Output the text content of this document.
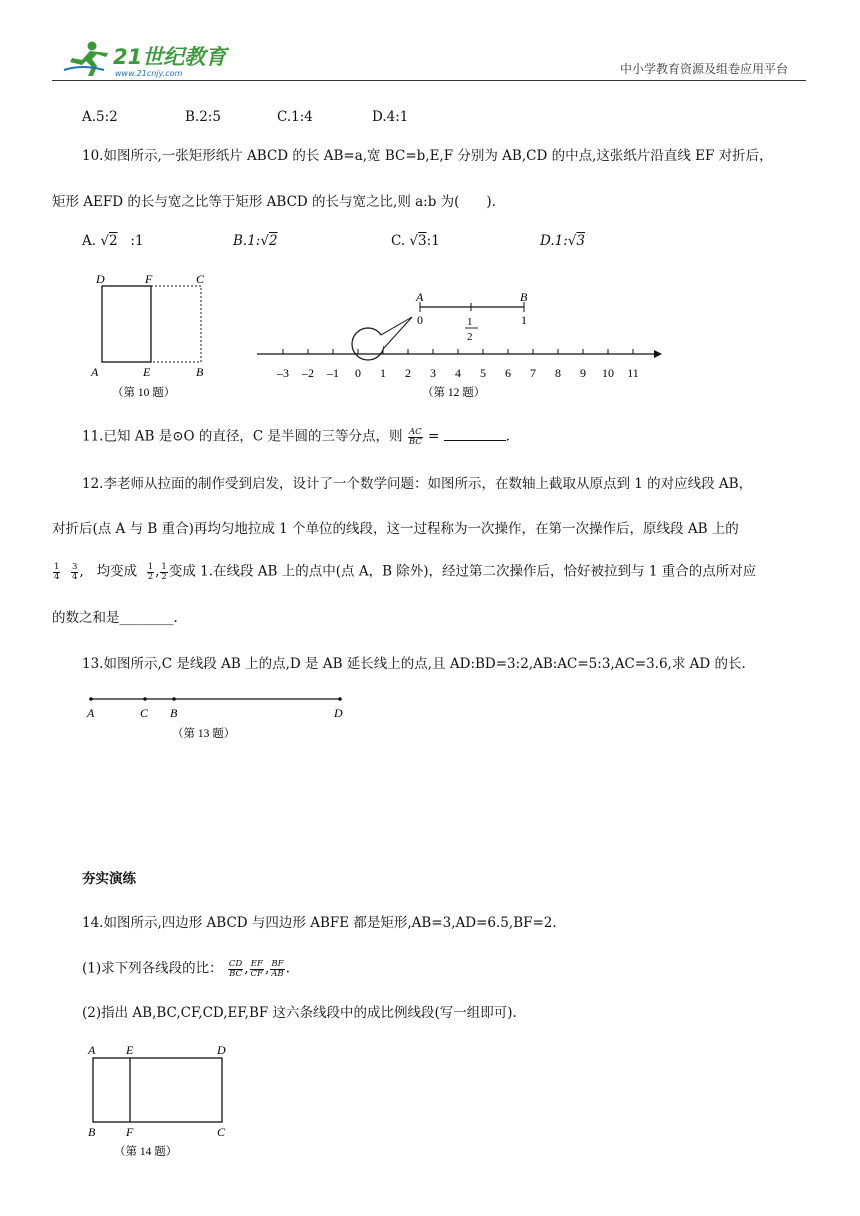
21世纪教育
www.21cnjy.com	中小学教育资源及组卷应用平台
A.5:2	B.2:5	C.1:4	D.4:1
10.如图所示,一张矩形纸片 ABCD 的长 AB=a,宽 BC=b,E,F 分别为 AB,CD 的中点,这张纸片沿直线 EF 对折后，
矩形 AEFD 的长与宽之比等于矩形 ABCD 的长与宽之比,则 a:b 为(　　).
A. √2 :1	B.1:√2	C. √3:1	D.1:√3
D	F	C
A	E	B
（第 10 题）
A	B
0	1
2
1
–3 –2 –1 0 1 2 3 4 5 6 7 8 9 10 11
（第 12 题）
11.已知 AB 是⊙O 的直径，C 是半圆的三等分点，则 $\frac{AC}{BC}$ =	.
12.李老师从拉面的制作受到启发，设计了一个数学问题：如图所示，在数轴上截取从原点到 1 的对应线段 AB，
对折后(点 A 与 B 重合)再均匀地拉成 1 个单位的线段，这一过程称为一次操作，在第一次操作后，原线段 AB 上的
$\frac{1}{4}$
$\frac{3}{4}$ ,   均变成 $\frac{1}{2}$ , $\frac{1}{2}$ 变成 1.在线段 AB 上的点中(点 A，B 除外)，经过第二次操作后，恰好被拉到与 1 重合的点所对应
的数之和是________.
13.如图所示,C 是线段 AB 上的点,D 是 AB 延长线上的点,且 AD:BD=3:2,AB:AC=5:3,AC=3.6,求 AD 的长.
A	C B	D
（第 13 题）
夯实演练
14.如图所示,四边形 ABCD 与四边形 ABFE 都是矩形,AB=3,AD=6.5,BF=2.
(1)求下列各线段的比： $\frac{CD}{BC}$ , $\frac{EF}{CF}$ , $\frac{BF}{AB}$ .
(2)指出 AB,BC,CF,CD,EF,BF 这六条线段中的成比例线段(写一组即可).
A	E	D
B	F	C
（第 14 题）
